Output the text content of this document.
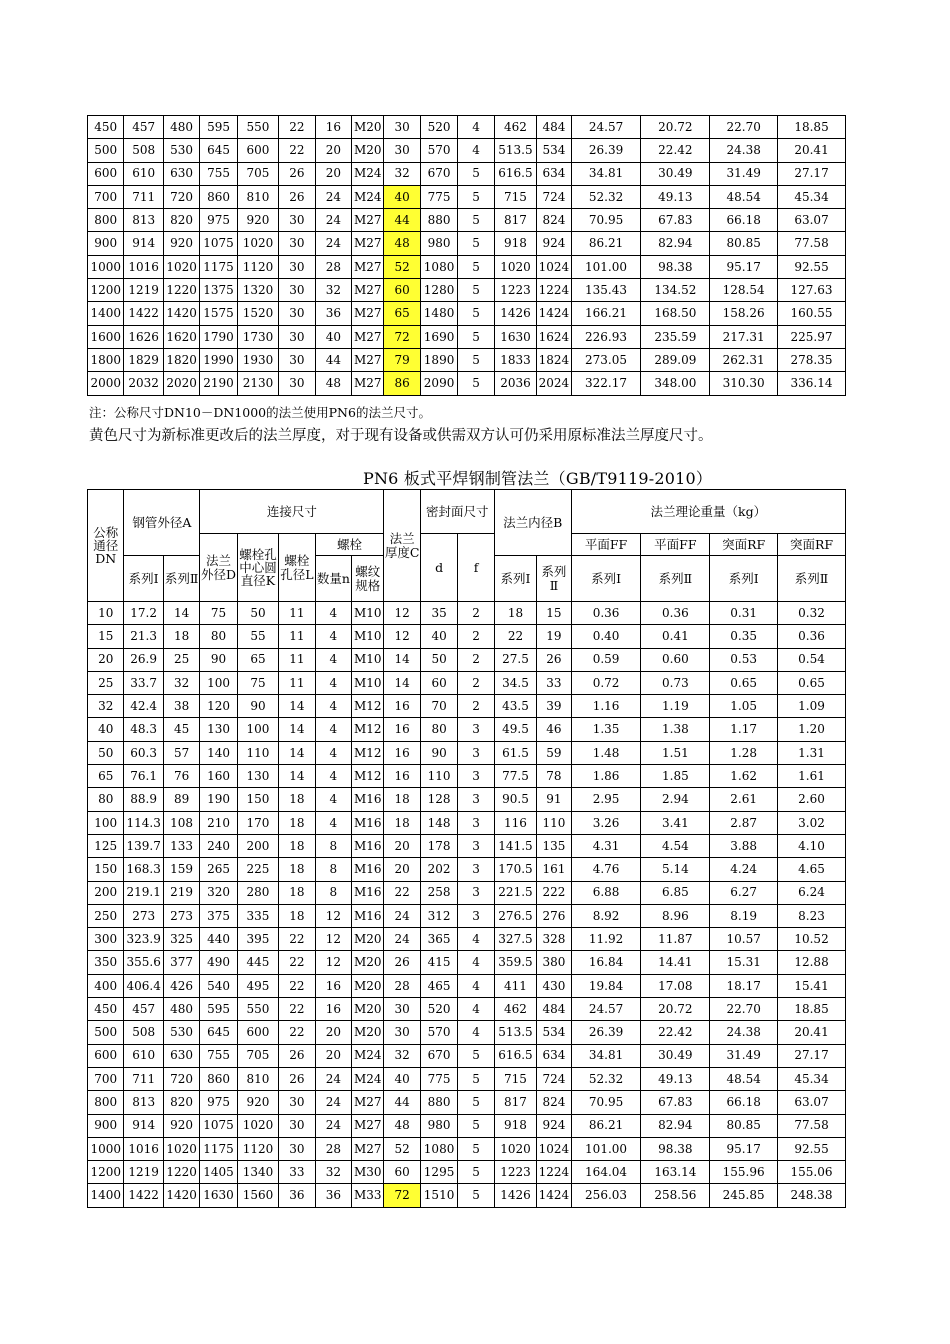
450	457	480	595	550	22	16	M20	30	520	4	462	484	24.57	20.72	22.70	18.85
500	508	530	645	600	22	20	M20	30	570	4	513.5	534	26.39	22.42	24.38	20.41
600	610	630	755	705	26	20	M24	32	670	5	616.5	634	34.81	30.49	31.49	27.17
700	711	720	860	810	26	24	M24	40	775	5	715	724	52.32	49.13	48.54	45.34
800	813	820	975	920	30	24	M27	44	880	5	817	824	70.95	67.83	66.18	63.07
900	914	920	1075	1020	30	24	M27	48	980	5	918	924	86.21	82.94	80.85	77.58
1000	1016	1020	1175	1120	30	28	M27	52	1080	5	1020	1024	101.00	98.38	95.17	92.55
1200	1219	1220	1375	1320	30	32	M27	60	1280	5	1223	1224	135.43	134.52	128.54	127.63
1400	1422	1420	1575	1520	30	36	M27	65	1480	5	1426	1424	166.21	168.50	158.26	160.55
1600	1626	1620	1790	1730	30	40	M27	72	1690	5	1630	1624	226.93	235.59	217.31	225.97
1800	1829	1820	1990	1930	30	44	M27	79	1890	5	1833	1824	273.05	289.09	262.31	278.35
2000	2032	2020	2190	2130	30	48	M27	86	2090	5	2036	2024	322.17	348.00	310.30	336.14
注：公称尺寸DN10－DN1000的法兰使用PN6的法兰尺寸。
黄色尺寸为新标准更改后的法兰厚度，对于现有设备或供需双方认可仍采用原标准法兰厚度尺寸。
PN6 板式平焊钢制管法兰（GB/T9119-2010）
公称通径DN	钢管外径A		连接尺寸					法兰厚度C	密封面尺寸		法兰内径B		法兰理论重量（kg）			
			法兰外径D	螺栓孔中心圆直径K	螺栓孔径L	螺栓			d	f			平面FF	平面FF	突面RF	突面RF
	系列Ⅰ	系列Ⅱ				数量n	螺纹规格				系列Ⅰ	系列Ⅱ	系列Ⅰ	系列Ⅱ	系列Ⅰ	系列Ⅱ
10	17.2	14	75	50	11	4	M10	12	35	2	18	15	0.36	0.36	0.31	0.32
15	21.3	18	80	55	11	4	M10	12	40	2	22	19	0.40	0.41	0.35	0.36
20	26.9	25	90	65	11	4	M10	14	50	2	27.5	26	0.59	0.60	0.53	0.54
25	33.7	32	100	75	11	4	M10	14	60	2	34.5	33	0.72	0.73	0.65	0.65
32	42.4	38	120	90	14	4	M12	16	70	2	43.5	39	1.16	1.19	1.05	1.09
40	48.3	45	130	100	14	4	M12	16	80	3	49.5	46	1.35	1.38	1.17	1.20
50	60.3	57	140	110	14	4	M12	16	90	3	61.5	59	1.48	1.51	1.28	1.31
65	76.1	76	160	130	14	4	M12	16	110	3	77.5	78	1.86	1.85	1.62	1.61
80	88.9	89	190	150	18	4	M16	18	128	3	90.5	91	2.95	2.94	2.61	2.60
100	114.3	108	210	170	18	4	M16	18	148	3	116	110	3.26	3.41	2.87	3.02
125	139.7	133	240	200	18	8	M16	20	178	3	141.5	135	4.31	4.54	3.88	4.10
150	168.3	159	265	225	18	8	M16	20	202	3	170.5	161	4.76	5.14	4.24	4.65
200	219.1	219	320	280	18	8	M16	22	258	3	221.5	222	6.88	6.85	6.27	6.24
250	273	273	375	335	18	12	M16	24	312	3	276.5	276	8.92	8.96	8.19	8.23
300	323.9	325	440	395	22	12	M20	24	365	4	327.5	328	11.92	11.87	10.57	10.52
350	355.6	377	490	445	22	12	M20	26	415	4	359.5	380	16.84	14.41	15.31	12.88
400	406.4	426	540	495	22	16	M20	28	465	4	411	430	19.84	17.08	18.17	15.41
450	457	480	595	550	22	16	M20	30	520	4	462	484	24.57	20.72	22.70	18.85
500	508	530	645	600	22	20	M20	30	570	4	513.5	534	26.39	22.42	24.38	20.41
600	610	630	755	705	26	20	M24	32	670	5	616.5	634	34.81	30.49	31.49	27.17
700	711	720	860	810	26	24	M24	40	775	5	715	724	52.32	49.13	48.54	45.34
800	813	820	975	920	30	24	M27	44	880	5	817	824	70.95	67.83	66.18	63.07
900	914	920	1075	1020	30	24	M27	48	980	5	918	924	86.21	82.94	80.85	77.58
1000	1016	1020	1175	1120	30	28	M27	52	1080	5	1020	1024	101.00	98.38	95.17	92.55
1200	1219	1220	1405	1340	33	32	M30	60	1295	5	1223	1224	164.04	163.14	155.96	155.06
1400	1422	1420	1630	1560	36	36	M33	72	1510	5	1426	1424	256.03	258.56	245.85	248.38
